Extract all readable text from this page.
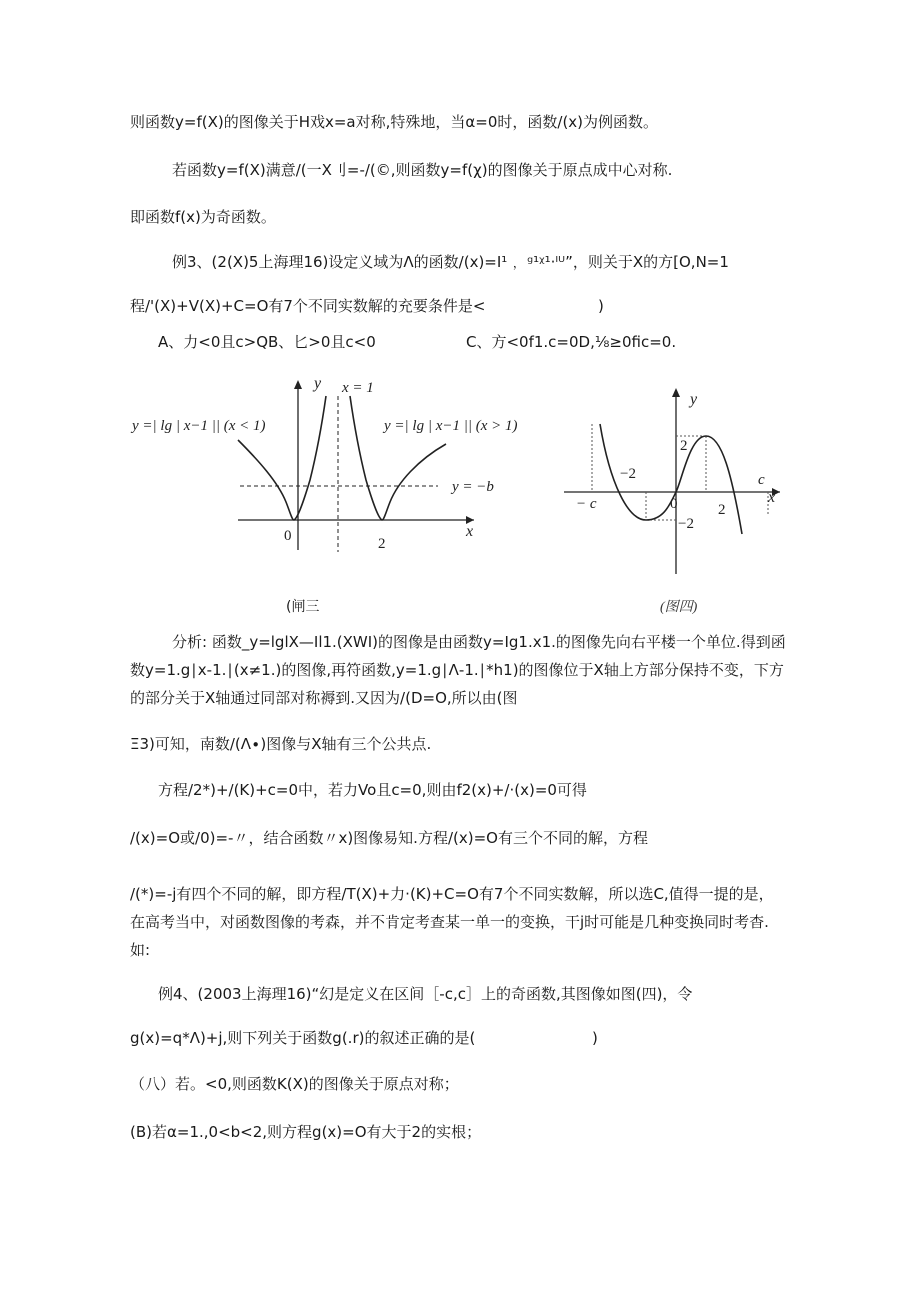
则函数y=f(X)的图像关于H戏x=a对称,特殊地，当α=0时，函数/(x)为例函数。
若函数y=f(X)满意/(一X刂=-/(©,则函数y=f(χ)的图像关于原点成中心对称.
即函数f(x)为奇函数。
例3、(2(X)5上海理16)设定义域为Λ的函数/(x)=I¹﹐ ᵍ¹ᵡ¹·ᴵᵁ”，则关于X的方[O,N=1
程/'(X)+V(X)+C=O有7个不同实数解的充要条件是<	)
A、力<0且c>QB、匕>0且c<0	C、方<0f1.c=0D,⅛≥0fic=0.
y =| lg | x−1 || (x < 1)	y =| lg | x−1 || (x > 1)
x = 1
y = −b
y
x
0	2
(闸三
y
x
c
− c	0
2
−2
−2
2
(图四)
分析: 函数_y=lglX—Il1.(XWI)的图像是由函数y=Ig1.x1.的图像先向右平楼一个单位.得到函
数y=1.g∣x-1.∣(x≠1.)的图像,再符函数,y=1.g∣Λ-1.∣*h1)的图像位于X轴上方部分保持不变，下方
的部分关于X轴通过同部对称褥到.又因为/(D=O,所以由(图
Ξ3)可知，南数/(Λ∙)图像与X轴有三个公共点.
方程/2*)+/(K)+c=0中，若力Vo且c=0,则由f2(x)+/·(x)=0可得
/(x)=O或/0)=-〃，结合函数〃x)图像易知.方程/(x)=O有三个不同的解，方程
/(*)=-j有四个不同的解，即方程/T(X)+力·(K)+C=O有7个不同实数解，所以选C,值得一提的是，
在高考当中，对函数图像的考森，并不肯定考查某一单一的变换，干j时可能是几种变换同时考杳.
如:
例4、(2003上海理16)“幻是定义在区间［-c,c］上的奇函数,其图像如图(四)，令
g(x)=q*Λ)+j,则下列关于函数g(.r)的叙述正确的是(	)
（八）若。<0,则函数K(X)的图像关于原点对称；
(B)若α=1.,0<b<2,则方程g(x)=O有大于2的实根；
